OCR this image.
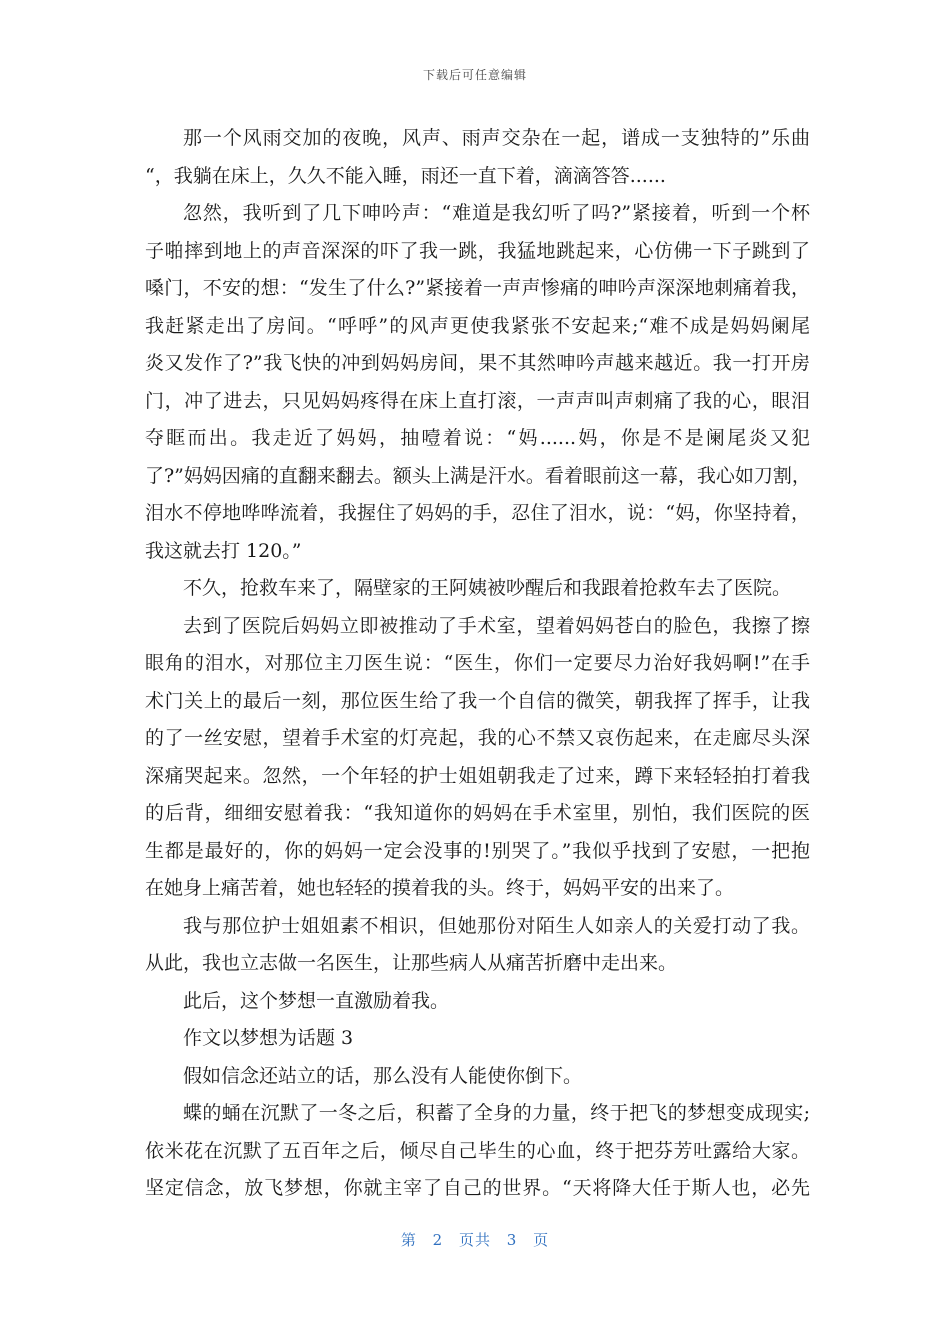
下载后可任意编辑
那一个风雨交加的夜晚，风声、雨声交杂在一起，谱成一支独特的”乐曲
“，我躺在床上，久久不能入睡，雨还一直下着，滴滴答答......
忽然，我听到了几下呻吟声：“难道是我幻听了吗?”紧接着，听到一个杯
子啪摔到地上的声音深深的吓了我一跳，我猛地跳起来，心仿佛一下子跳到了
嗓门，不安的想：“发生了什么?”紧接着一声声惨痛的呻吟声深深地刺痛着我，
我赶紧走出了房间。“呼呼”的风声更使我紧张不安起来;“难不成是妈妈阑尾
炎又发作了?”我飞快的冲到妈妈房间，果不其然呻吟声越来越近。我一打开房
门，冲了进去，只见妈妈疼得在床上直打滚，一声声叫声刺痛了我的心，眼泪
夺眶而出。我走近了妈妈，抽噎着说：“妈......妈，你是不是阑尾炎又犯
了?”妈妈因痛的直翻来翻去。额头上满是汗水。看着眼前这一幕，我心如刀割，
泪水不停地哗哗流着，我握住了妈妈的手，忍住了泪水，说：“妈，你坚持着，
我这就去打 120。”
不久，抢救车来了，隔壁家的王阿姨被吵醒后和我跟着抢救车去了医院。
去到了医院后妈妈立即被推动了手术室，望着妈妈苍白的脸色，我擦了擦
眼角的泪水，对那位主刀医生说：“医生，你们一定要尽力治好我妈啊!”在手
术门关上的最后一刻，那位医生给了我一个自信的微笑，朝我挥了挥手，让我
的了一丝安慰，望着手术室的灯亮起，我的心不禁又哀伤起来，在走廊尽头深
深痛哭起来。忽然，一个年轻的护士姐姐朝我走了过来，蹲下来轻轻拍打着我
的后背，细细安慰着我：“我知道你的妈妈在手术室里，别怕，我们医院的医
生都是最好的，你的妈妈一定会没事的!别哭了。”我似乎找到了安慰，一把抱
在她身上痛苦着，她也轻轻的摸着我的头。终于，妈妈平安的出来了。
我与那位护士姐姐素不相识，但她那份对陌生人如亲人的关爱打动了我。
从此，我也立志做一名医生，让那些病人从痛苦折磨中走出来。
此后，这个梦想一直激励着我。
作文以梦想为话题 3
假如信念还站立的话，那么没有人能使你倒下。
蝶的蛹在沉默了一冬之后，积蓄了全身的力量，终于把飞的梦想变成现实;
依米花在沉默了五百年之后，倾尽自己毕生的心血，终于把芬芳吐露给大家。
坚定信念，放飞梦想，你就主宰了自己的世界。“天将降大任于斯人也，必先
第 2 页共 3 页
